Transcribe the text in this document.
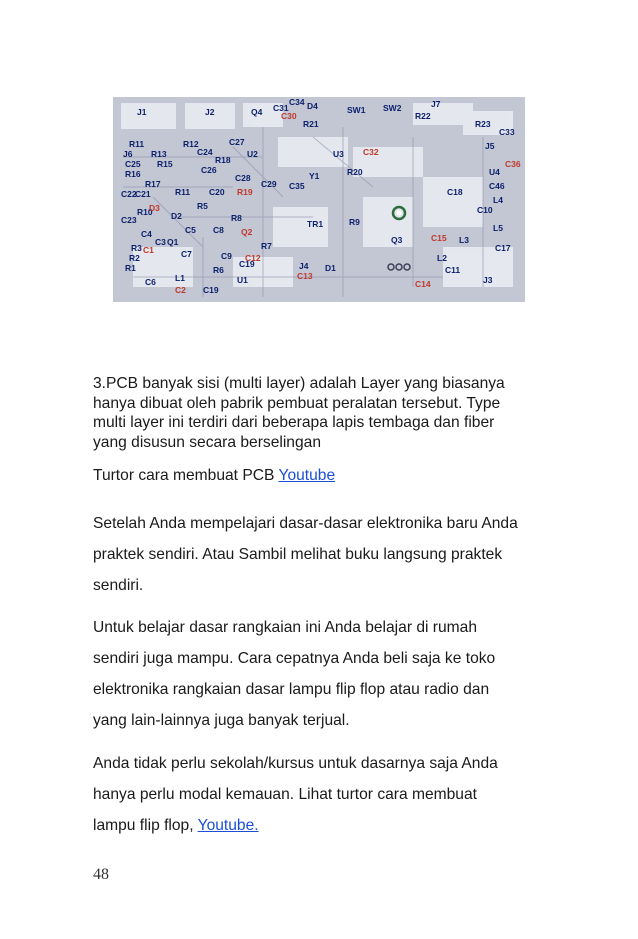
J1	J2	Q4
C34 D4	SW1 SW2	J7
R22
R23
C33
R11	R12	C27
C31
R21
J6 R13	C24	U2	U3
J5
C25 R15	R18
C26
Y1	U4
R16	C28
C29 C35
R20
C46
R17
R11 C20	C18
L4
C22
C21
R5	C10
C23
R10 D2	R8
TR1	R9
L5
C4	C5 C8
L3
R3
Q1
C7
Q3
C17
R2
R1
C9
R6	J4 D1
L2
C11
C6 L1
C19
U1	J3
R7
C3
C19
C30
C32
C36
R19
D3
Q2
C12
C13
C15
C1
C2
C14
3.PCB banyak sisi (multi layer) adalah Layer yang biasanya
hanya dibuat oleh pabrik pembuat peralatan tersebut. Type
multi layer ini terdiri dari beberapa lapis tembaga dan fiber
yang disusun secara berselingan
Turtor cara membuat PCB Youtube
Setelah Anda mempelajari dasar-dasar elektronika baru Anda
praktek sendiri. Atau Sambil melihat buku langsung praktek
sendiri.
Untuk belajar dasar rangkaian ini Anda belajar di rumah
sendiri juga mampu. Cara cepatnya Anda beli saja ke toko
elektronika rangkaian dasar lampu flip flop atau radio dan
yang lain-lainnya juga banyak terjual.
Anda tidak perlu sekolah/kursus untuk dasarnya saja Anda
hanya perlu modal kemauan. Lihat turtor cara membuat
lampu flip flop, Youtube.
48
